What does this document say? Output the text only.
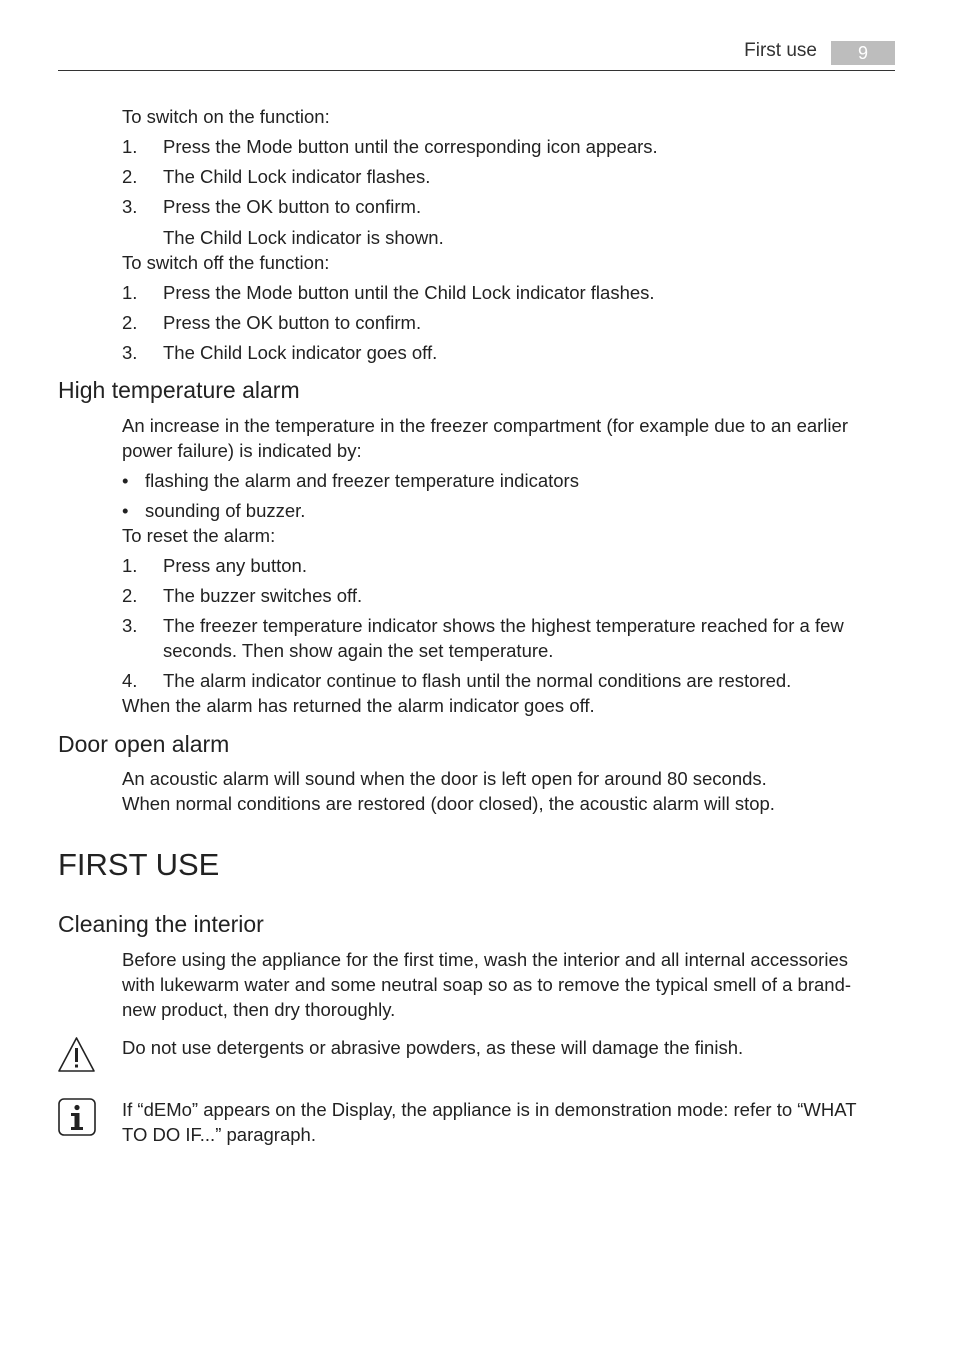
First use	9
To switch on the function:
1. Press the Mode button until the corresponding icon appears.
2. The Child Lock indicator flashes.
3. Press the OK button to confirm.
The Child Lock indicator is shown.
To switch off the function:
1. Press the Mode button until the Child Lock indicator flashes.
2. Press the OK button to confirm.
3. The Child Lock indicator goes off.
High temperature alarm
An increase in the temperature in the freezer compartment (for example due to an earlier power failure) is indicated by:
• flashing the alarm and freezer temperature indicators
• sounding of buzzer.
To reset the alarm:
1. Press any button.
2. The buzzer switches off.
3. The freezer temperature indicator shows the highest temperature reached for a few seconds. Then show again the set temperature.
4. The alarm indicator continue to flash until the normal conditions are restored.
When the alarm has returned the alarm indicator goes off.
Door open alarm
An acoustic alarm will sound when the door is left open for around 80 seconds.
When normal conditions are restored (door closed), the acoustic alarm will stop.
FIRST USE
Cleaning the interior
Before using the appliance for the first time, wash the interior and all internal accessories with lukewarm water and some neutral soap so as to remove the typical smell of a brand-new product, then dry thoroughly.
Do not use detergents or abrasive powders, as these will damage the finish.
If “dEMo” appears on the Display, the appliance is in demonstration mode: refer to “WHAT TO DO IF...” paragraph.
